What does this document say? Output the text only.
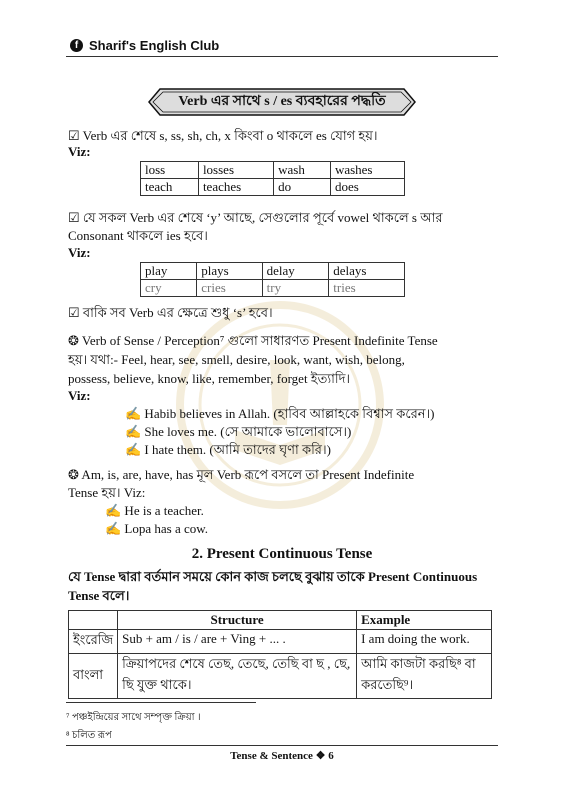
f Sharif's English Club
Verb এর সাথে s / es ব্যবহারের পদ্ধতি
☑ Verb এর শেষে s, ss, sh, ch, x কিংবা o থাকলে es যোগ হয়।
Viz:
loss	losses	wash	washes
teach	teaches	do	does
☑ যে সকল Verb এর শেষে ‘y’ আছে, সেগুলোর পূর্বে vowel থাকলে s আর
Consonant থাকলে ies হবে।
Viz:
play	plays	delay	delays
cry	cries	try	tries
☑ বাকি সব Verb এর ক্ষেত্রে শুধু ‘s’ হবে।
❂ Verb of Sense / Perception⁷ গুলো সাধারণত Present Indefinite Tense
হয়। যথা:- Feel, hear, see, smell, desire, look, want, wish, belong,
possess, believe, know, like, remember, forget ইত্যাদি।
Viz:
✍ Habib believes in Allah. (হাবিব আল্লাহকে বিশ্বাস করেন।)
✍ She loves me. (সে আমাকে ভালোবাসে।)
✍ I hate them. (আমি তাদের ঘৃণা করি।)
❂ Am, is, are, have, has মূল Verb রূপে বসলে তা Present Indefinite
Tense হয়। Viz:
✍ He is a teacher.
✍ Lopa has a cow.
2. Present Continuous Tense
যে Tense দ্বারা বর্তমান সময়ে কোন কাজ চলছে বুঝায় তাকে Present Continuous
Tense বলে।
	Structure	Example
ইংরেজি	Sub + am / is / are + Ving + ... .	I am doing the work.
বাংলা	ক্রিয়াপদের শেষে তেছ, তেছে, তেছি বা ছ , ছে, ছি যুক্ত থাকে।	আমি কাজটা করছি⁸ বা করতেছি⁹।
⁷ পঞ্চইন্দ্রিয়ের সাথে সম্পৃক্ত ক্রিয়া ।
⁸ চলিত রূপ
Tense & Sentence ❖ 6
